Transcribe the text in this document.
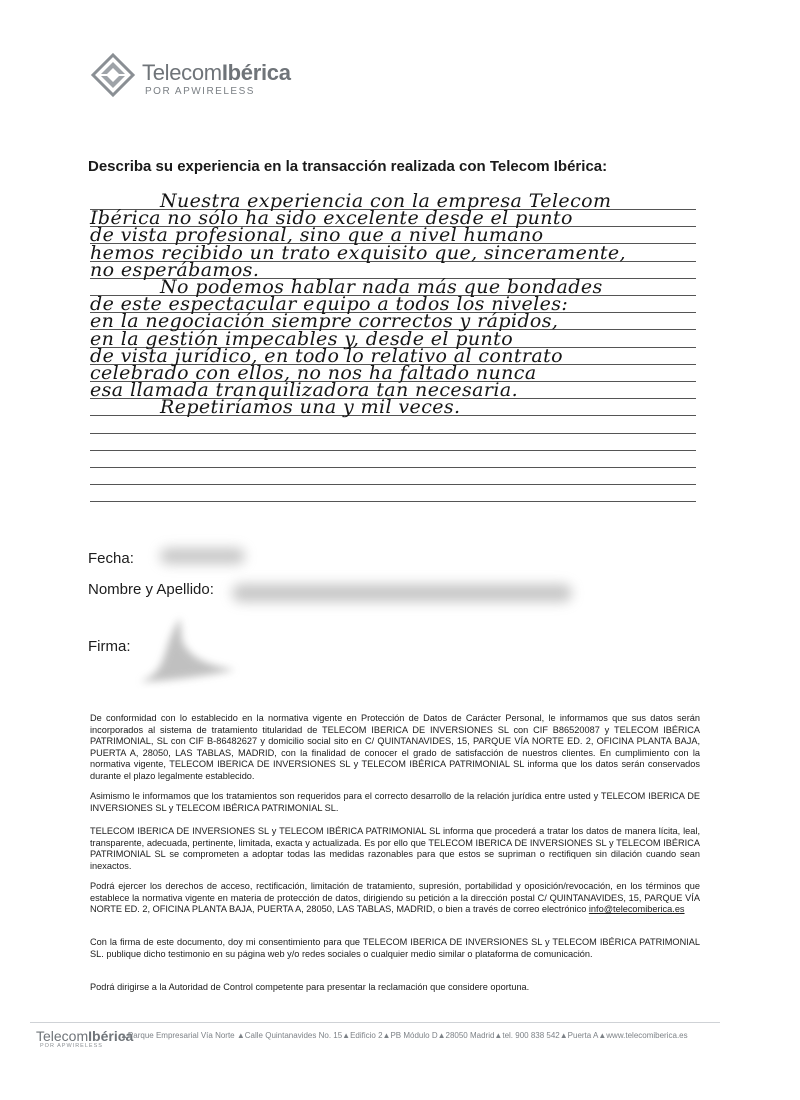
TelecomIbérica
POR APWIRELESS
Describa su experiencia en la transacción realizada con Telecom Ibérica:
Nuestra experiencia con la empresa Telecom
Ibérica no sólo ha sido excelente desde el punto
de vista profesional, sino que a nivel humano
hemos recibido un trato exquisito que, sinceramente,
no esperábamos.
No podemos hablar nada más que bondades
de este espectacular equipo a todos los niveles:
en la negociación siempre correctos y rápidos,
en la gestión impecables y, desde el punto
de vista jurídico, en todo lo relativo al contrato
celebrado con ellos, no nos ha faltado nunca
esa llamada tranquilizadora tan necesaria.
Repetiríamos una y mil veces.
Fecha:
Nombre y Apellido:
Firma:
De conformidad con lo establecido en la normativa vigente en Protección de Datos de Carácter Personal, le informamos que sus datos serán incorporados al sistema de tratamiento titularidad de TELECOM IBERICA DE INVERSIONES SL con CIF B86520087 y TELECOM IBÉRICA PATRIMONIAL, SL con CIF B-86482627 y domicilio social sito en C/ QUINTANAVIDES, 15, PARQUE VÍA NORTE ED. 2, OFICINA PLANTA BAJA, PUERTA A, 28050, LAS TABLAS, MADRID, con la finalidad de conocer el grado de satisfacción de nuestros clientes. En cumplimiento con la normativa vigente, TELECOM IBERICA DE INVERSIONES SL y TELECOM IBÉRICA PATRIMONIAL SL informa que los datos serán conservados durante el plazo legalmente establecido.
Asimismo le informamos que los tratamientos son requeridos para el correcto desarrollo de la relación jurídica entre usted y TELECOM IBERICA DE INVERSIONES SL y TELECOM IBÉRICA PATRIMONIAL SL.
TELECOM IBERICA DE INVERSIONES SL y TELECOM IBÉRICA PATRIMONIAL SL informa que procederá a tratar los datos de manera lícita, leal, transparente, adecuada, pertinente, limitada, exacta y actualizada. Es por ello que TELECOM IBERICA DE INVERSIONES SL y TELECOM IBÉRICA PATRIMONIAL SL se comprometen a adoptar todas las medidas razonables para que estos se supriman o rectifiquen sin dilación cuando sean inexactos.
Podrá ejercer los derechos de acceso, rectificación, limitación de tratamiento, supresión, portabilidad y oposición/revocación, en los términos que establece la normativa vigente en materia de protección de datos, dirigiendo su petición a la dirección postal C/ QUINTANAVIDES, 15, PARQUE VÍA NORTE ED. 2, OFICINA PLANTA BAJA, PUERTA A, 28050, LAS TABLAS, MADRID, o bien a través de correo electrónico info@telecomiberica.es
Con la firma de este documento, doy mi consentimiento para que TELECOM IBERICA DE INVERSIONES SL y TELECOM IBÉRICA PATRIMONIAL SL. publique dicho testimonio en su página web y/o redes sociales o cualquier medio similar o plataforma de comunicación.
Podrá dirigirse a la Autoridad de Control competente para presentar la reclamación que considere oportuna.
TelecomIbérica
POR APWIRELESS
▲Parque Empresarial Vía Norte ▲Calle Quintanavides No. 15▲Edificio 2▲PB Módulo D▲28050 Madrid▲tel. 900 838 542▲Puerta A▲www.telecomiberica.es
